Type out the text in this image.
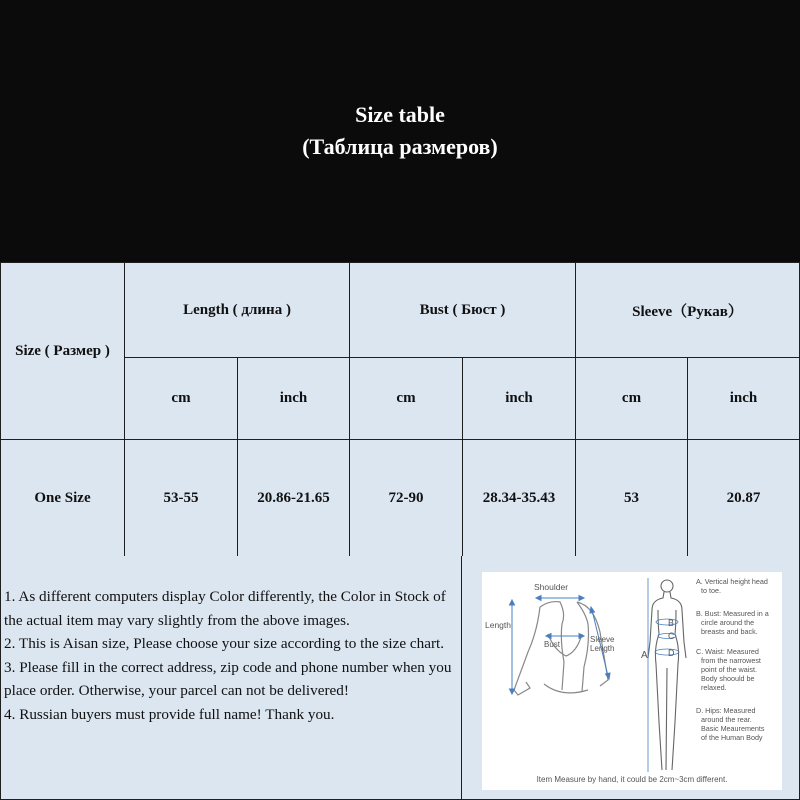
Size table
(Таблица размеров)
Size ( Размер )
Length ( длина )	Bust ( Бюст )	Sleeve（Рукав）
cm	inch	cm	inch	cm	inch
One Size	53-55	20.86-21.65	72-90	28.34-35.43	53	20.87

1. As different computers display Color differently, the Color in Stock of the actual item may vary slightly from the above images.

2. This is Aisan size, Please choose your size according to the size chart.

3. Please fill in the correct address, zip code and phone number when you place order. Otherwise, your parcel can not be delivered!

4. Russian buyers must provide full name! Thank you.

Shoulder
Length
Sleeve
Length
Bust
A
B
C
D
A. Vertical height head
to toe.
B. Bust: Measured in a
circle around the
breasts and back.
C. Waist: Measured
from the narrowest
point of the waist.
Body shoould be
relaxed.
D. Hips: Measured
around the rear.
Basic Meaurements
of the Human Body
Item Measure by hand, it could be 2cm~3cm different.
